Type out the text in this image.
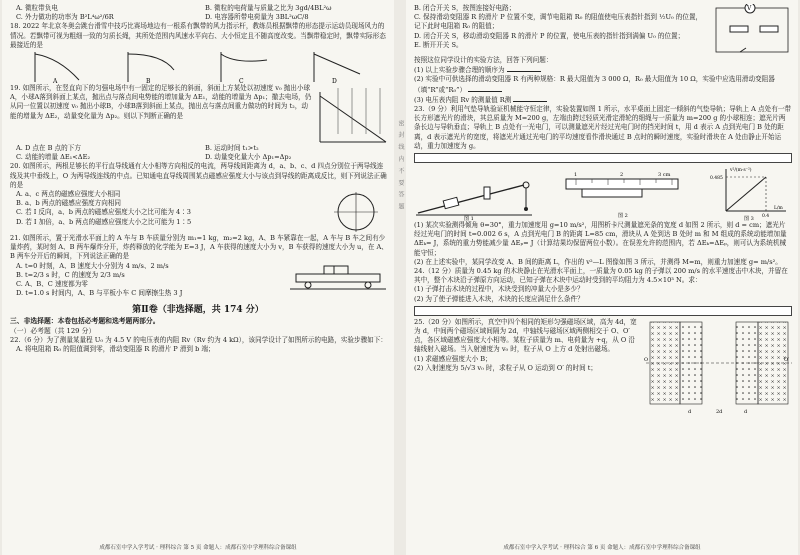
A. 微粒带负电	B. 微粒的电荷量与质量之比为 3gd/4BL²ω
C. 外力做功的功率为 B²L⁴ω²/6R	D. 电容器所带电荷量为 3BL²ωC/8

18. 2022 年北京冬奥会跳台滑雪中技巧比赛场地边有一根系有飘带的风力指示杆，教练员根据飘带的形态提示运动员现场风力的情况。若飘带可视为粗细一致的匀质长绳，其所处范围内风速水平向右、大小恒定且不随高度改变。当飘带稳定时，飘带实际形态最接近的是

A	B	C	D

19. 如图所示，在竖直向下的匀强电场中有一固定的足够长的斜面，斜面上方某处以初速度 v₀ 抛出小球A，小球A落到斜面上某点，抛出点与落点间电势能的增加量为 ΔE₁，动能的增量为 Δp₁；撤去电场，仍从同一位置以初速度 v₀ 抛出小球B，小球B落到斜面上某点，抛出点与落点间重力做功的时间为 t₂，动能的增量为 ΔE₂，动量变化量为 Δp₂。则以下判断正确的是

A. D 点在 B 点的下方	B. 运动时间 t₁>t₂
C. 动能的增量 ΔE₁<ΔE₂	D. 动量变化量大小 Δp₁=Δp₂

20. 如图所示，两根足够长的平行直导线通有大小相等方向相反的电流，两导线间距离为 d，a、b、c、d 四点分别位于两导线连线及其中垂线上，O 为两导线连线的中点。已知通电直导线周围某点磁感应强度大小与该点到导线的距离成反比，则下列说法正确的是

A. a、c 两点的磁感应强度大小相同
B. a、b 两点的磁感应强度方向相同
C. 若 I 反向，a、b 两点的磁感应强度大小之比可能为 4∶3
D. 若 I 加倍，a、b 两点的磁感应强度大小之比可能为 1∶5

21. 如图所示，置于光滑水平面上的 A 车与 B 车质量分别为 m₁=1 kg，m₂=2 kg，A、B 车紧靠在一起，A 车与 B 车之间有少量炸药，某时刻 A、B 两车爆炸分开，炸药释放的化学能为 E=3 J，A 车获得的速度大小为 v，B 车获得的速度大小为 u，在 A、B 两车分开后的瞬间，下列说法正确的是

A. t=0 时刻，A、B 速度大小分别为 4 m/s、2 m/s
B. t=2/3 s 时，C 的速度为 2/3 m/s
C. A、B、C 速度都为零
D. t=1.0 s 时间内，A、B 与平板小车 C 间摩擦生热 3 J
第Ⅱ卷（非选择题，共 174 分）
三、非选择题：本卷包括必考题和选考题两部分。
（一）必考题（共 129 分）

22.（6 分）为了测量某量程 U₀ 为 4.5 V 的电压表的内阻 Rv（Rv 约为 4 kΩ），该同学设计了如图所示的电路，实验步骤如下：

A. 将电阻箱 R₀ 的阻值调到零，滑动变阻器 R 的滑片 P 滑到 b 端；

成都石室中学入学考试 · 理科综合 第 5 页 命题人：成都石室中学理科综合备课组
密 封 线 内 不 要 答 题

B. 闭合开关 S，按图连接好电路；

C. 保持滑动变阻器 R 的滑片 P 位置不变，调节电阻箱 R₀ 的阻值使电压表指针指到 ½U₀ 的位置，记下此时电阻箱 R₀ 的阻值；

D. 闭合开关 S，移动滑动变阻器 R 的滑片 P 的位置，使电压表的指针指到满偏 U₀ 的位置；

E. 断开开关 S。

V

按照这位同学设计的实验方法，回答下列问题：

(1) 以上实验步骤合理的顺序为

(2) 实验中可供选择的滑动变阻器 R 有两种规格：R 最大阻值为 3 000 Ω，R₀ 最大阻值为 10 Ω，实验中应选用滑动变阻器（填“R”或“R₀”）

(3) 电压表内阻 Rv 的测量值 R测

23.（9 分）利用气垫导轨验证机械能守恒定律，实验装置如图 1 所示，水平桌面上固定一倾斜的气垫导轨；导轨上 A 点处有一带长方形遮光片的滑块，其总质量为 M=200 g，左端由跨过轻质光滑定滑轮的细绳与一质量为 m=200 g 的小球相连；遮光片两条长边与导轨垂直；导轨上 B 点处有一光电门，可以测量遮光片经过光电门时的挡光时间 t，用 d 表示 A 点到光电门 B 处的距离，d 表示遮光片的宽度，将遮光片通过光电门的平均速度看作滑块通过 B 点时的瞬时速度，实验时滑块在 A 处由静止开始运动，重力加速度为 g。

图 1
1	2	3 cm
图 2
v²/(m·s⁻²)
L/m
0.485
0.4
图 3

(1) 某次实验测得倾角 θ=30°，重力加速度用 g=10 m/s²，用图析卡尺测量遮光条的宽度 d 如图 2 所示，则 d = cm；遮光片经过光电门的时间 t=0.002 6 s，A 点到光电门 B 的距离 L=85 cm，滑块从 A 处到达 B 处时 m 和 M 组成的系统动能增加量 ΔEₖ= J，系统的重力势能减少量 ΔEₚ= J（计算结果均保留两位小数）。在误差允许的范围内，若 ΔEₖ=ΔEₚ，则可认为系统机械能守恒；

(2) 在上述实验中，某同学改变 A、B 间的距离 L，作出的 v²—L 图像如图 3 所示，并测得 M=m，则重力加速度 g= m/s²。

24.（12 分）质量为 0.45 kg 的木块静止在光滑水平面上，一质量为 0.05 kg 的子弹以 200 m/s 的水平速度击中木块，并留在其中，整个木块沿子弹原方向运动，已知子弹在木块中运动时受到的平均阻力为 4.5×10³ N。求：

(1) 子弹打击木块的过程中，木块受到的冲量大小是多少？

(2) 为了使子弹能进入木块，木块的长度应满足什么条件？

25.（20 分）如图所示，真空中四个相同的矩形匀强磁场区域，高为 4d，宽为 d，中间两个磁场区域间隔为 2d，中轴线与磁场区域两侧相交于 O、O′ 点，各区域磁感应强度大小相等。某粒子质量为 m、电荷量为 +q，从 O 沿轴线射入磁场。当入射速度为 v₀ 时，粒子从 O 上方 d 处射出磁场。

(1) 求磁感应强度大小 B；

(2) 入射速度为 5/√3 v₀ 时，求粒子从 O 运动到 O′ 的时间 t；

O	O′
d	2d	d
成都石室中学入学考试 · 理科综合 第 6 页 命题人：成都石室中学理科综合备课组
